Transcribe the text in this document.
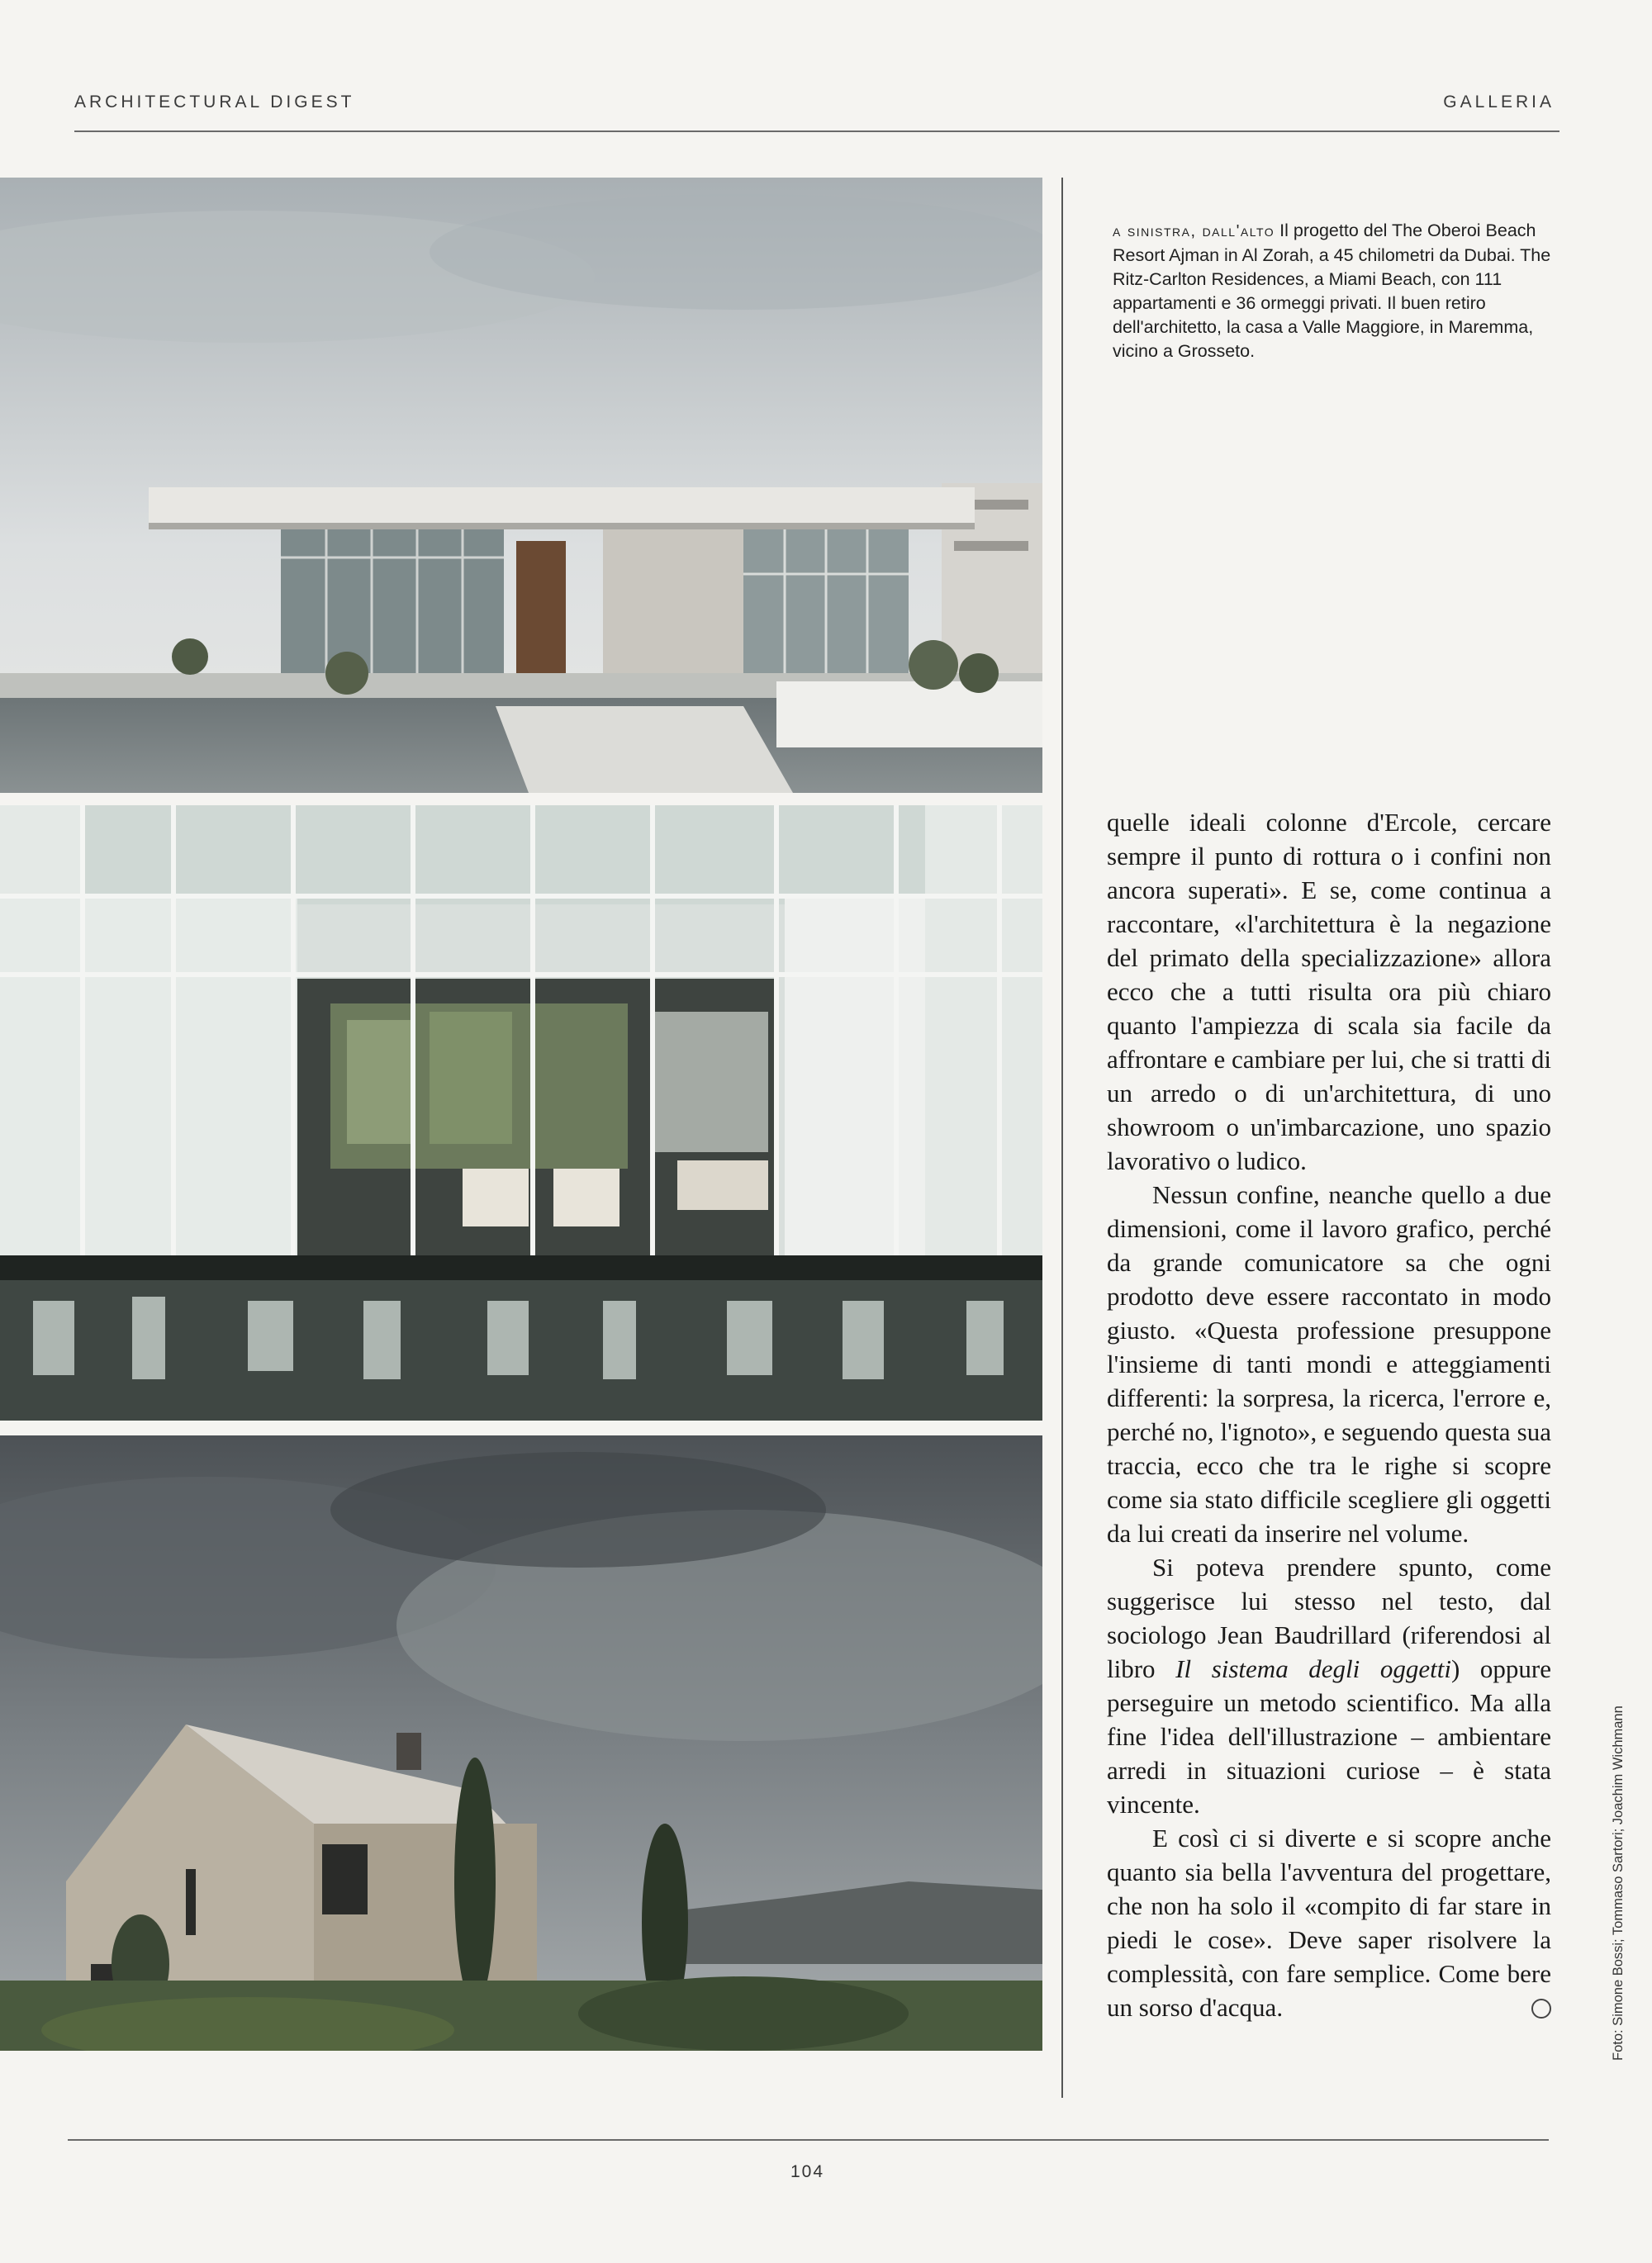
ARCHITECTURAL DIGEST	GALLERIA
a sinistra, dall'alto Il progetto del The Oberoi Beach Resort Ajman in Al Zorah, a 45 chilometri da Dubai. The Ritz-Carlton Residences, a Miami Beach, con 111 appartamenti e 36 ormeggi privati. Il buen retiro dell'architetto, la casa a Valle Maggiore, in Maremma, vicino a Grosseto.

quelle ideali colonne d'Ercole, cercare sempre il punto di rottura o i confini non ancora superati». E se, come continua a raccontare, «l'architettura è la negazione del primato della specializzazione» allora ecco che a tutti risulta ora più chiaro quanto l'ampiezza di scala sia facile da affrontare e cambiare per lui, che si tratti di un arredo o di un'architettura, di uno showroom o un'imbarcazione, uno spazio lavorativo o ludico.

Nessun confine, neanche quello a due dimensioni, come il lavoro grafico, perché da grande comunicatore sa che ogni prodotto deve essere raccontato in modo giusto. «Questa professione presuppone l'insieme di tanti mondi e atteggiamenti differenti: la sorpresa, la ricerca, l'errore e, perché no, l'ignoto», e seguendo questa sua traccia, ecco che tra le righe si scopre come sia stato difficile scegliere gli oggetti da lui creati da inserire nel volume.

Si poteva prendere spunto, come suggerisce lui stesso nel testo, dal sociologo Jean Baudrillard (riferendosi al libro Il sistema degli oggetti) oppure perseguire un metodo scientifico. Ma alla fine l'idea dell'illustrazione – ambientare arredi in situazioni curiose – è stata vincente.

E così ci si diverte e si scopre anche quanto sia bella l'avventura del progettare, che non ha solo il «compito di far stare in piedi le cose». Deve saper risolvere la complessità, con fare semplice. Come bere un sorso d'acqua.	Foto: Simone Bossi; Tommaso Sartori; Joachim Wichmann
104
